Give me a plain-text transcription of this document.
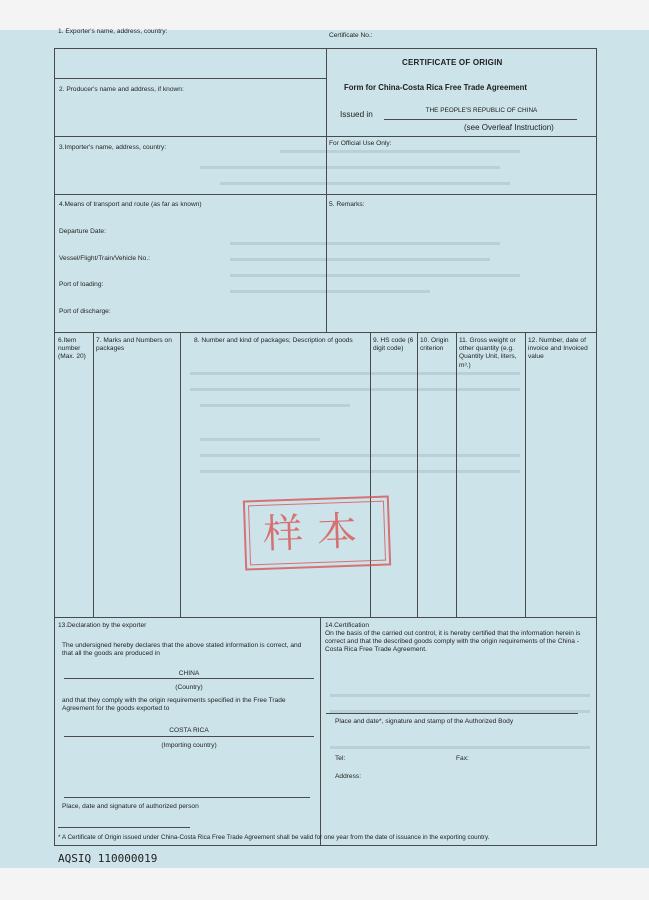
1. Exporter's name, address, country:
Certificate No.:
CERTIFICATE OF ORIGIN
Form for China-Costa Rica Free Trade Agreement
Issued in	THE PEOPLE'S REPUBLIC OF CHINA
(see Overleaf Instruction)
2. Producer's name and address, if known:
3.Importer's name, address, country:
For Official Use Only:
4.Means of transport and route (as far as known)
Departure Date:
Vessel/Flight/Train/Vehicle No.:
Port of loading:
Port of discharge:
5. Remarks:
6.Item number (Max. 20)
7. Marks and Numbers on packages
8. Number and kind of packages; Description of goods	9. HS code (6 digit code)
10. Origin criterion
11. Gross weight or other quantity (e.g. Quantity Unit, liters, m³.)
12. Number, date of invoice and Invoiced value
样本
13.Declaration by the exporter
The undersigned hereby declares that the above stated information is correct, and that all the goods are produced in
CHINA
(Country)
and that they comply with the origin requirements specified in the Free Trade Agreement for the goods exported to
COSTA RICA
(Importing country)
Place, date and signature of authorized person
14.Certification
On the basis of the carried out control, it is hereby certified that the information herein is correct and that the described goods comply with the origin requirements of the China -Costa Rica Free Trade Agreement.
Place and date*, signature and stamp of the Authorized Body
Tel:	Fax:
Address:
* A Certificate of Origin issued under China-Costa Rica Free Trade Agreement shall be valid for one year from the date of issuance in the exporting country.
AQSIQ 110000019
